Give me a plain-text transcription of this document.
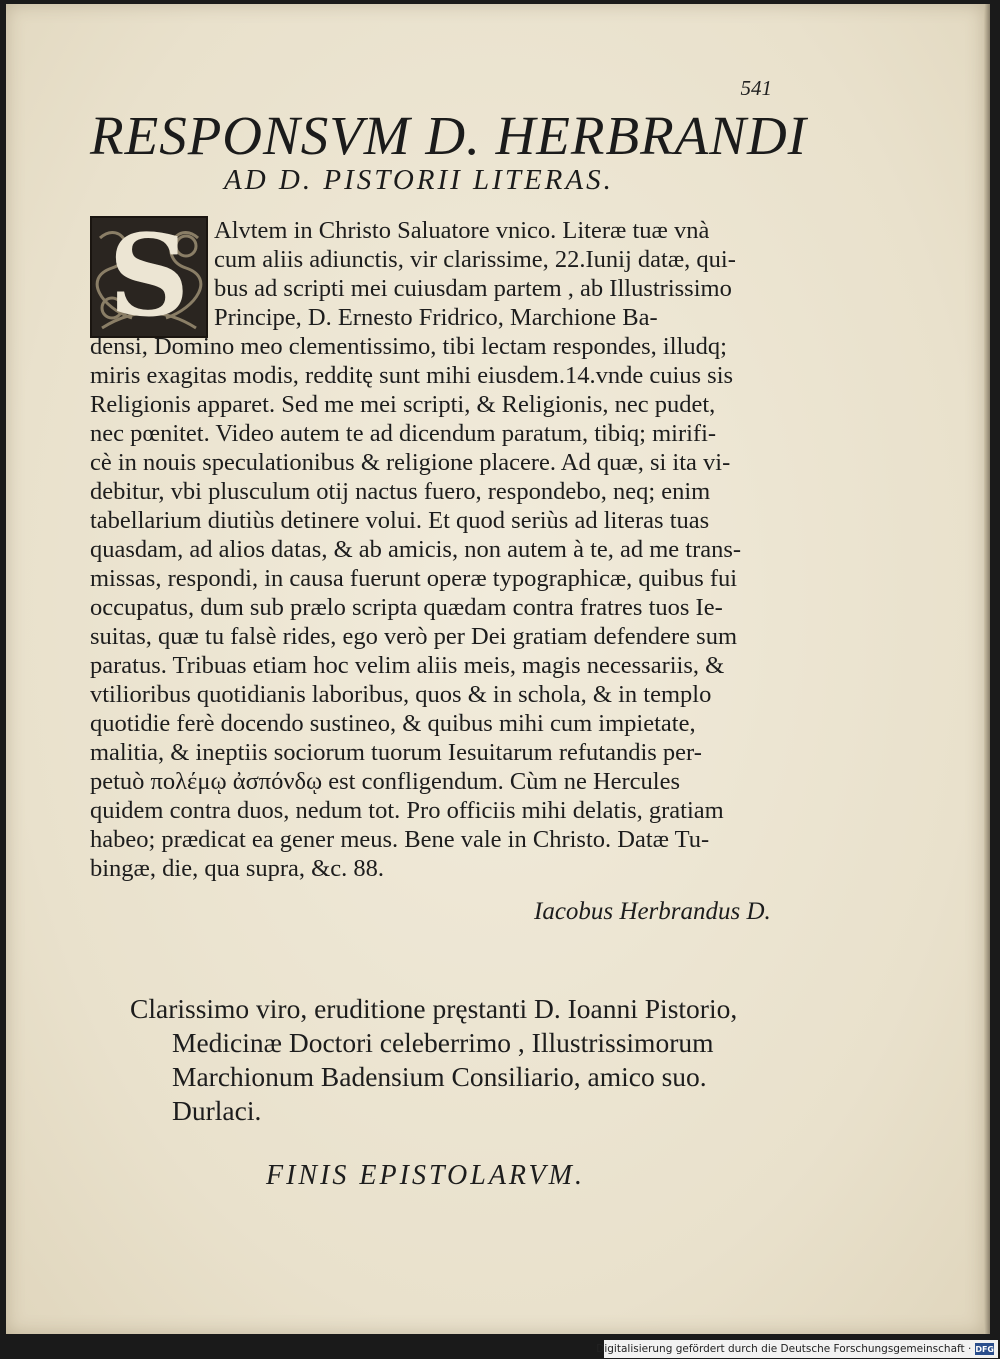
541
RESPONSVM D. HERBRANDI
AD D. PISTORII LITERAS.
S Alvtem in Christo Saluatore vnico. Literæ tuæ vnà
cum aliis adiunctis, vir clarissime, 22.Iunij datæ, qui-
bus ad scripti mei cuiusdam partem , ab Illustrissimo
Principe, D. Ernesto Fridrico, Marchione Ba-
densi, Domino meo clementissimo, tibi lectam respondes, illudq;
miris exagitas modis, redditę sunt mihi eiusdem.14.vnde cuius sis
Religionis apparet. Sed me mei scripti, & Religionis, nec pudet,
nec pœnitet. Video autem te ad dicendum paratum, tibiq; mirifi-
cè in nouis speculationibus & religione placere. Ad quæ, si ita vi-
debitur, vbi plusculum otij nactus fuero, respondebo, neq; enim
tabellarium diutiùs detinere volui. Et quod seriùs ad literas tuas
quasdam, ad alios datas, & ab amicis, non autem à te, ad me trans-
missas, respondi, in causa fuerunt operæ typographicæ, quibus fui
occupatus, dum sub prælo scripta quædam contra fratres tuos Ie-
suitas, quæ tu falsè rides, ego verò per Dei gratiam defendere sum
paratus. Tribuas etiam hoc velim aliis meis, magis necessariis, &
vtilioribus quotidianis laboribus, quos & in schola, & in templo
quotidie ferè docendo sustineo, & quibus mihi cum impietate,
malitia, & ineptiis sociorum tuorum Iesuitarum refutandis per-
petuò πολέμῳ ἀσπόνδῳ est confligendum. Cùm ne Hercules
quidem contra duos, nedum tot. Pro officiis mihi delatis, gratiam
habeo; prædicat ea gener meus. Bene vale in Christo. Datæ Tu-
bingæ, die, qua supra, &c. 88.
Iacobus Herbrandus D.
Clarissimo viro, eruditione pręstanti D. Ioanni Pistorio,
Medicinæ Doctori celeberrimo , Illustrissimorum
Marchionum Badensium Consiliario, amico suo.
Durlaci.
FINIS EPISTOLARVM.
Digitalisierung gefördert durch die Deutsche Forschungsgemeinschaft · DFG
